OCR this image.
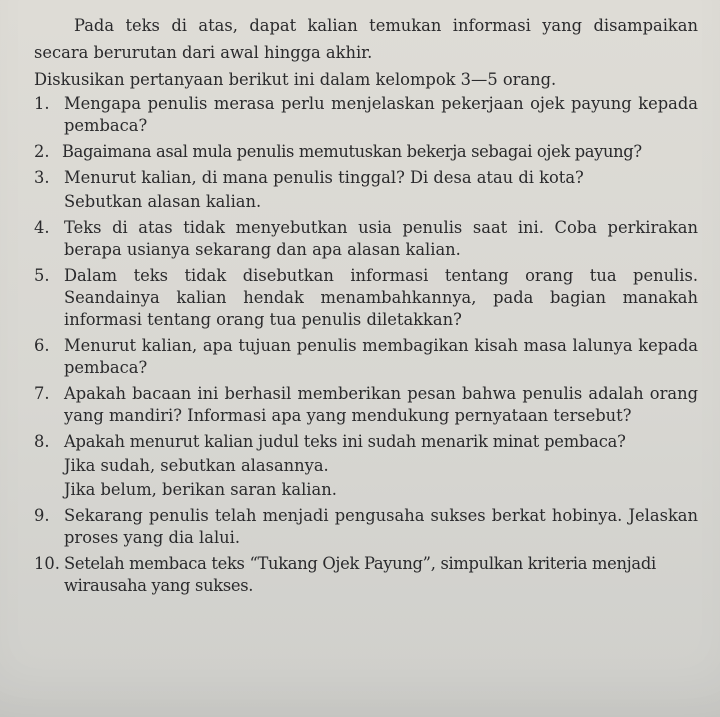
Pada teks di atas, dapat kalian temukan informasi yang disampaikan
secara berurutan dari awal hingga akhir.
Diskusikan pertanyaan berikut ini dalam kelompok 3—5 orang.
1. Mengapa penulis merasa perlu menjelaskan pekerjaan ojek payung kepada pembaca?
2. Bagaimana asal mula penulis memutuskan bekerja sebagai ojek payung?
3. Menurut kalian, di mana penulis tinggal? Di desa atau di kota?
Sebutkan alasan kalian.
4. Teks di atas tidak menyebutkan usia penulis saat ini. Coba perkirakan berapa usianya sekarang dan apa alasan kalian.
5. Dalam teks tidak disebutkan informasi tentang orang tua penulis. Seandainya kalian hendak menambahkannya, pada bagian manakah informasi tentang orang tua penulis diletakkan?
6. Menurut kalian, apa tujuan penulis membagikan kisah masa lalunya kepada pembaca?
7. Apakah bacaan ini berhasil memberikan pesan bahwa penulis adalah orang yang mandiri? Informasi apa yang mendukung pernyataan tersebut?
8. Apakah menurut kalian judul teks ini sudah menarik minat pembaca?
Jika sudah, sebutkan alasannya.
Jika belum, berikan saran kalian.
9. Sekarang penulis telah menjadi pengusaha sukses berkat hobinya. Jelaskan proses yang dia lalui.
10. Setelah membaca teks “Tukang Ojek Payung”, simpulkan kriteria menjadi wirausaha yang sukses.
